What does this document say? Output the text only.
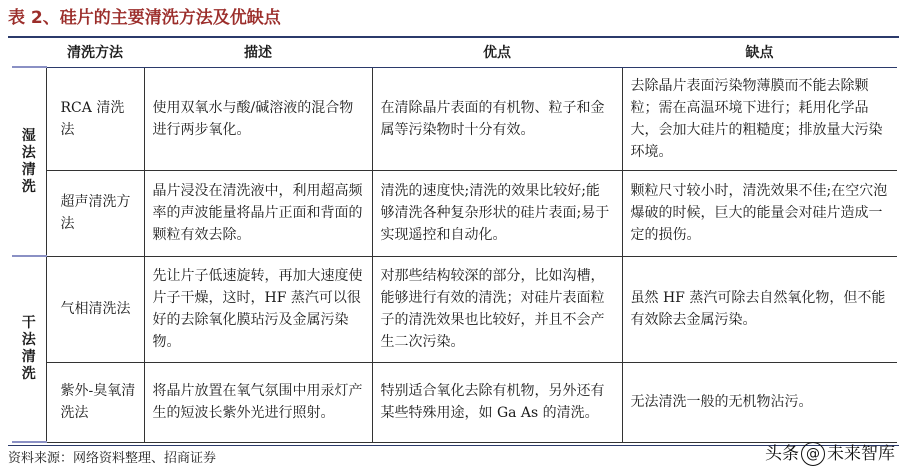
表 2、硅片的主要清洗方法及优缺点
	清洗方法	描述	优点	缺点

湿法清洗	RCA 清洗法	使用双氧水与酸/碱溶液的混合物进行两步氧化。	在清除晶片表面的有机物、粒子和金属等污染物时十分有效。	去除晶片表面污染物薄膜而不能去除颗粒；需在高温环境下进行；耗用化学品大，会加大硅片的粗糙度；排放量大污染环境。
	超声清洗方法	晶片浸没在清洗液中，利用超高频率的声波能量将晶片正面和背面的颗粒有效去除。	清洗的速度快;清洗的效果比较好;能够清洗各种复杂形状的硅片表面;易于实现遥控和自动化。	颗粒尺寸较小时，清洗效果不佳;在空穴泡爆破的时候，巨大的能量会对硅片造成一定的损伤。

干法清洗	气相清洗法	先让片子低速旋转，再加大速度使片子干燥，这时，HF 蒸汽可以很好的去除氧化膜玷污及金属污染物。	对那些结构较深的部分，比如沟槽，能够进行有效的清洗；对硅片表面粒子的清洗效果也比较好，并且不会产生二次污染。	虽然 HF 蒸汽可除去自然氧化物，但不能有效除去金属污染。
	紫外-臭氧清洗法	将晶片放置在氧气氛围中用汞灯产生的短波长紫外光进行照射。	特别适合氧化去除有机物，另外还有某些特殊用途，如 Ga As 的清洗。	无法清洗一般的无机物沾污。
资料来源：网络资料整理、招商证券	头条 @ 未来智库
